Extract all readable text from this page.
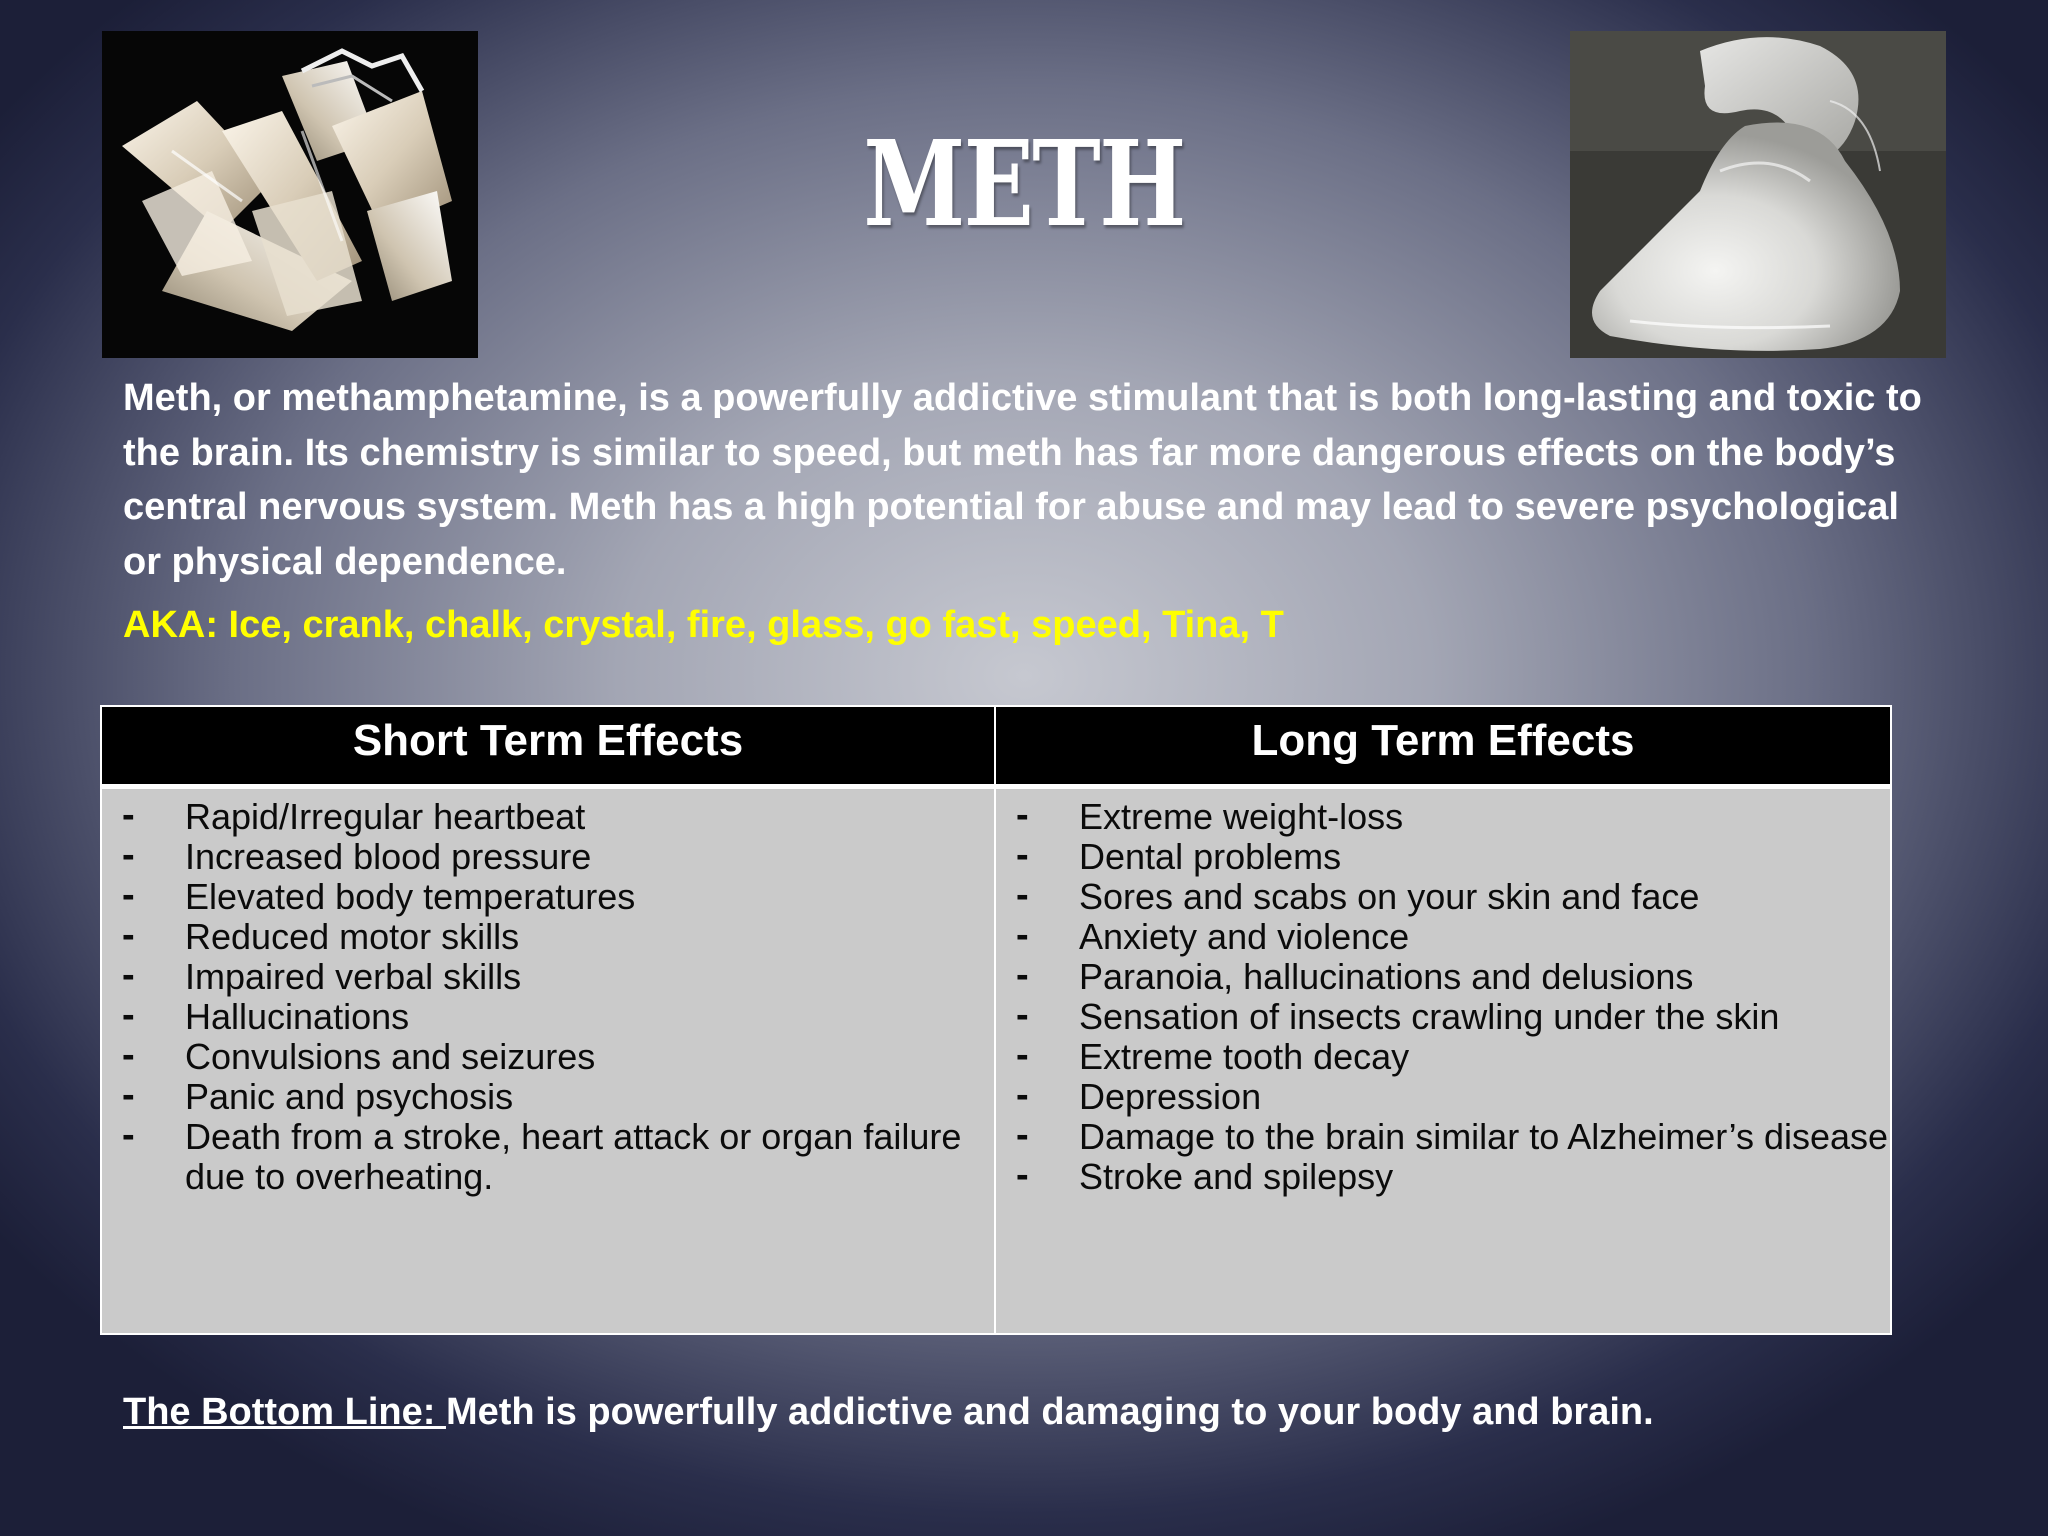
METH

Meth, or methamphetamine, is a powerfully addictive stimulant that is both long-lasting and toxic to the brain. Its chemistry is similar to speed, but meth has far more dangerous effects on the body’s central nervous system. Meth has a high potential for abuse and may lead to severe psychological or physical dependence.

AKA: Ice, crank, chalk, crystal, fire, glass, go fast, speed, Tina, T

Short Term Effects	Long Term Effects
- Rapid/Irregular heartbeat
- Increased blood pressure
- Elevated body temperatures
- Reduced motor skills
- Impaired verbal skills
- Hallucinations
- Convulsions and seizures
- Panic and psychosis
- Death from a stroke, heart attack or organ failure due to overheating.
- Extreme weight-loss
- Dental problems
- Sores and scabs on your skin and face
- Anxiety and violence
- Paranoia, hallucinations and delusions
- Sensation of insects crawling under the skin
- Extreme tooth decay
- Depression
- Damage to the brain similar to Alzheimer’s disease
- Stroke and spilepsy

The Bottom Line: Meth is powerfully addictive and damaging to your body and brain.
